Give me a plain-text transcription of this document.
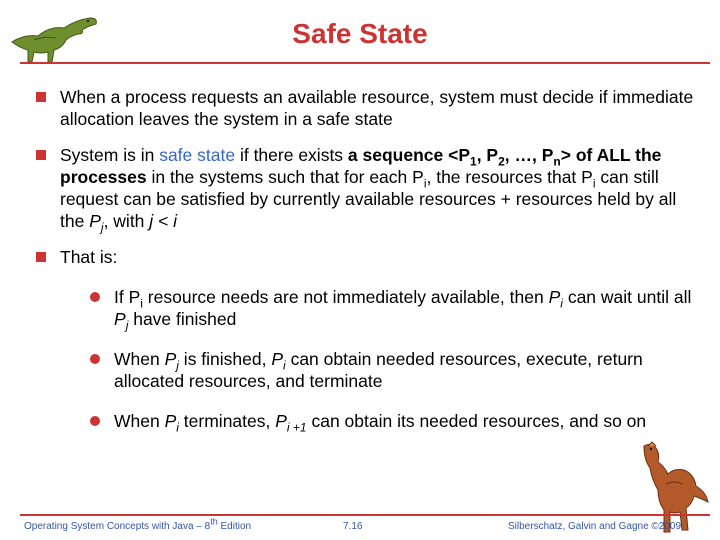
Safe State
When a process requests an available resource, system must decide if immediate allocation leaves the system in a safe state
System is in safe state if there exists a sequence $<P_1$, $P_2$, …, $P_n>$ of ALL the processes in the systems such that for each $P_i$, the resources that $P_i$ can still request can be satisfied by currently available resources + resources held by all the $P_j$, with j < i
That is:
If $P_i$ resource needs are not immediately available, then $P_i$ can wait until all $P_j$ have finished
When $P_j$ is finished, $P_i$ can obtain needed resources, execute, return allocated resources, and terminate
When $P_i$ terminates, $P_{i +1}$ can obtain its needed resources, and so on
Operating System Concepts with Java – 8th Edition	7.16	Silberschatz, Galvin and Gagne ©2009
